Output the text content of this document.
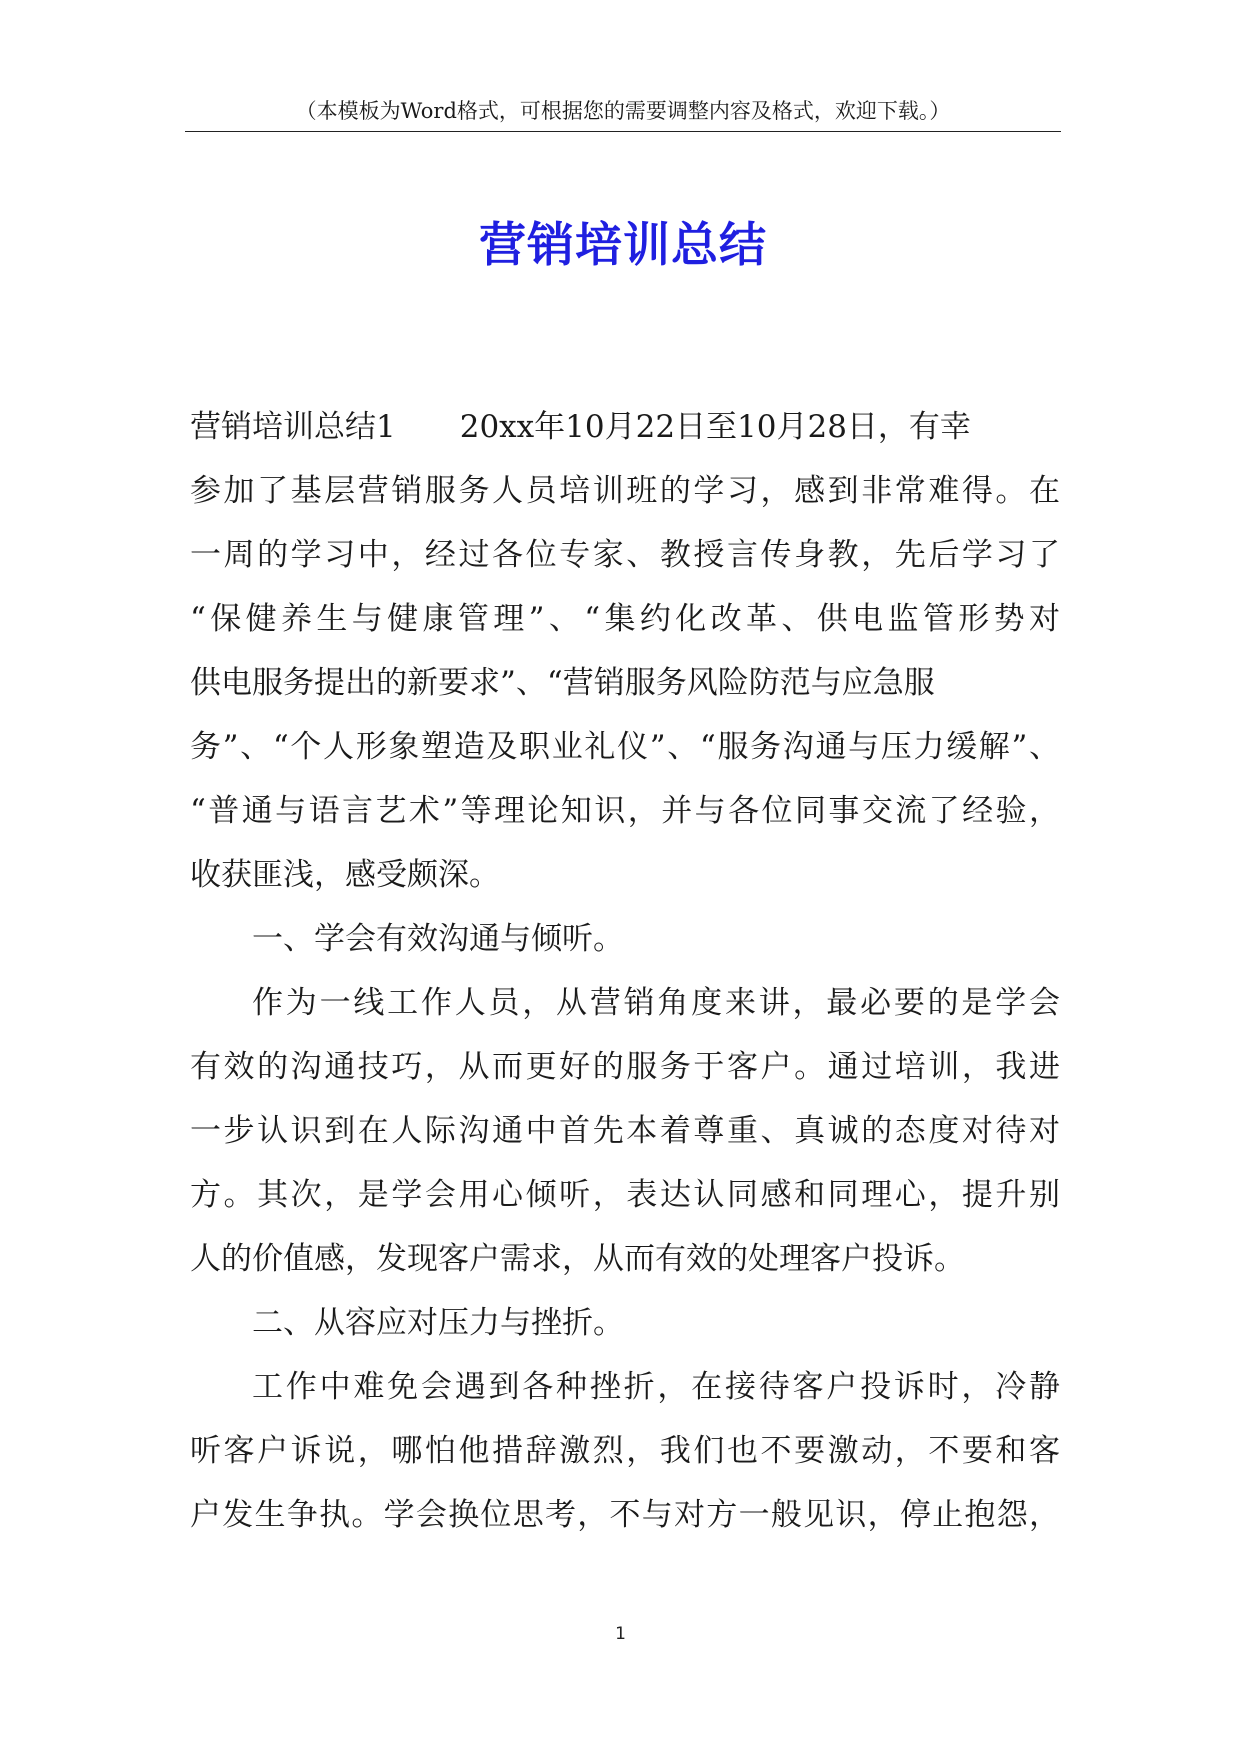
（本模板为Word格式，可根据您的需要调整内容及格式，欢迎下载。）
营销培训总结
营销培训总结1 20xx年10月22日至10月28日，有幸
参加了基层营销服务人员培训班的学习，感到非常难得。在
一周的学习中，经过各位专家、教授言传身教，先后学习了
“保健养生与健康管理”、“集约化改革、供电监管形势对
供电服务提出的新要求”、“营销服务风险防范与应急服
务”、“个人形象塑造及职业礼仪”、“服务沟通与压力缓解”、
“普通与语言艺术”等理论知识，并与各位同事交流了经验，
收获匪浅，感受颇深。
一、学会有效沟通与倾听。
作为一线工作人员，从营销角度来讲，最必要的是学会
有效的沟通技巧，从而更好的服务于客户。通过培训，我进
一步认识到在人际沟通中首先本着尊重、真诚的态度对待对
方。其次，是学会用心倾听，表达认同感和同理心，提升别
人的价值感，发现客户需求，从而有效的处理客户投诉。
二、从容应对压力与挫折。
工作中难免会遇到各种挫折，在接待客户投诉时，冷静
听客户诉说，哪怕他措辞激烈，我们也不要激动，不要和客
户发生争执。学会换位思考，不与对方一般见识，停止抱怨，
1
